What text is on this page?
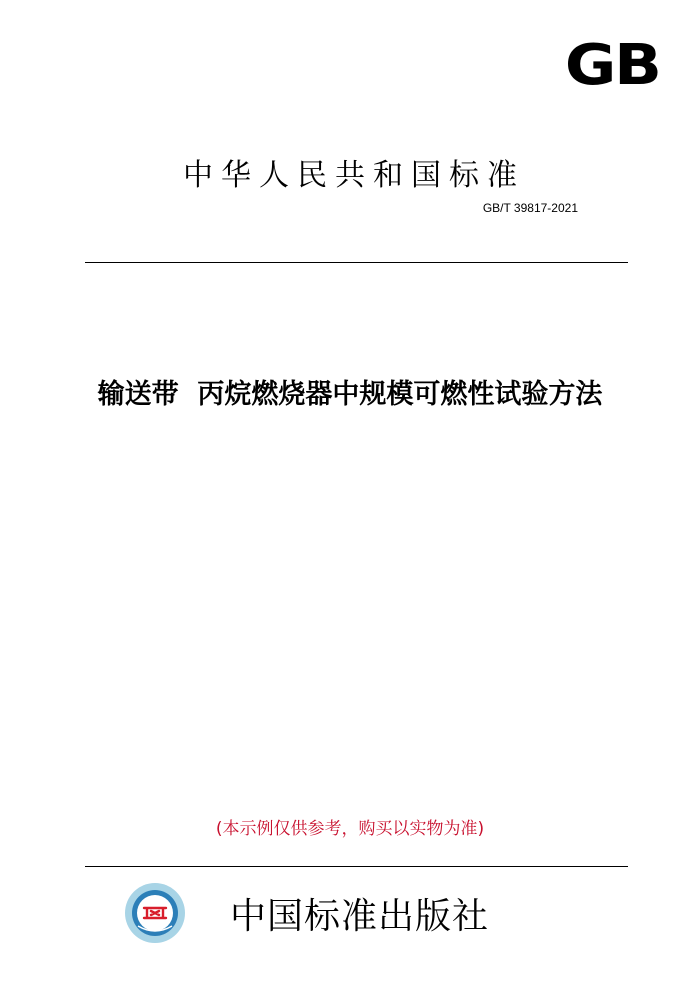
GB
中华人民共和国标准
GB/T 39817-2021
输送带  丙烷燃烧器中规模可燃性试验方法
(本示例仅供参考，购买以实物为准)
中国标准出版社
